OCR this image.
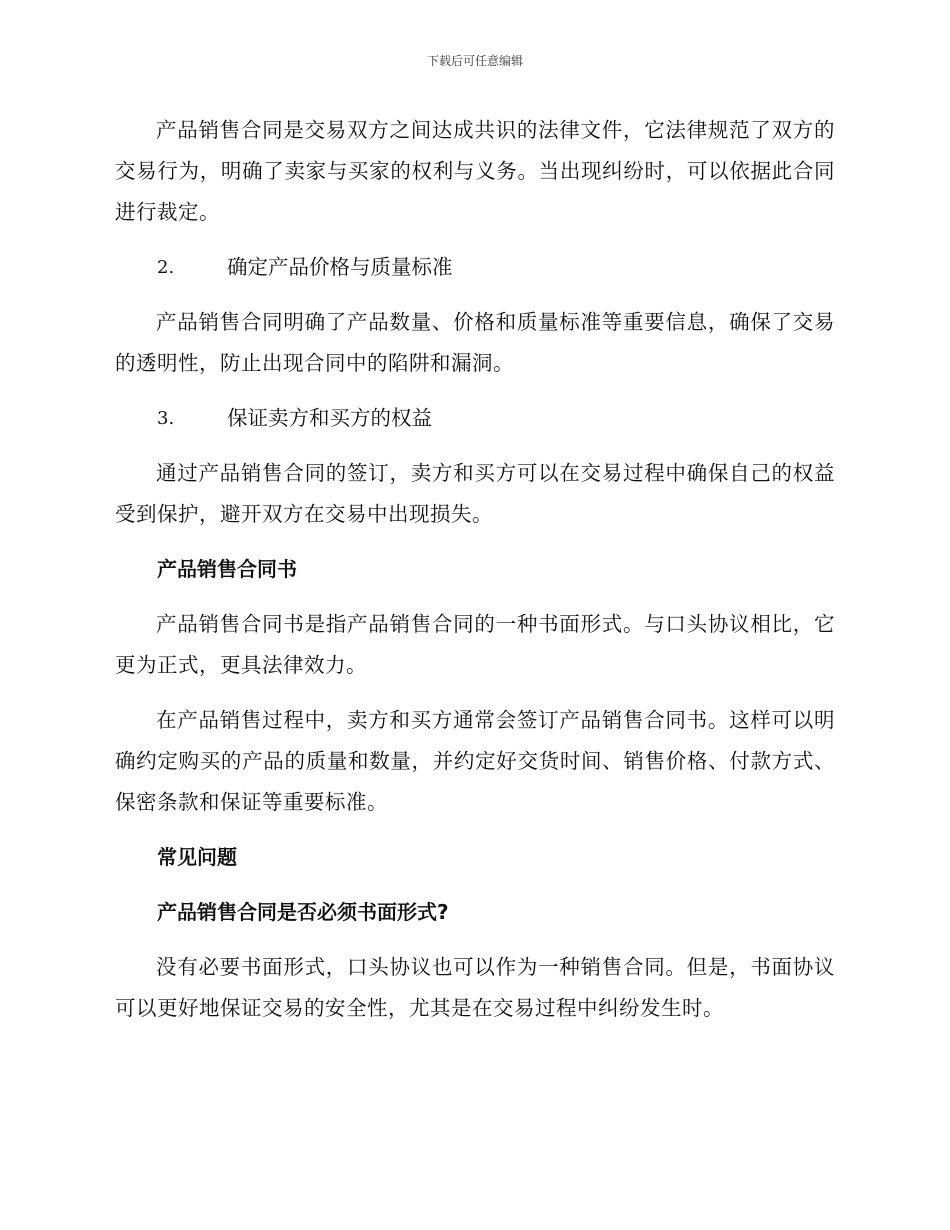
下载后可任意编辑

产品销售合同是交易双方之间达成共识的法律文件，它法律规范了双方的交易行为，明确了卖家与买家的权利与义务。当出现纠纷时，可以依据此合同进行裁定。

2.	确定产品价格与质量标准

产品销售合同明确了产品数量、价格和质量标准等重要信息，确保了交易的透明性，防止出现合同中的陷阱和漏洞。

3.	保证卖方和买方的权益

通过产品销售合同的签订，卖方和买方可以在交易过程中确保自己的权益受到保护，避开双方在交易中出现损失。

产品销售合同书

产品销售合同书是指产品销售合同的一种书面形式。与口头协议相比，它更为正式，更具法律效力。

在产品销售过程中，卖方和买方通常会签订产品销售合同书。这样可以明确约定购买的产品的质量和数量，并约定好交货时间、销售价格、付款方式、保密条款和保证等重要标准。

常见问题
产品销售合同是否必须书面形式?

没有必要书面形式，口头协议也可以作为一种销售合同。但是，书面协议可以更好地保证交易的安全性，尤其是在交易过程中纠纷发生时。
